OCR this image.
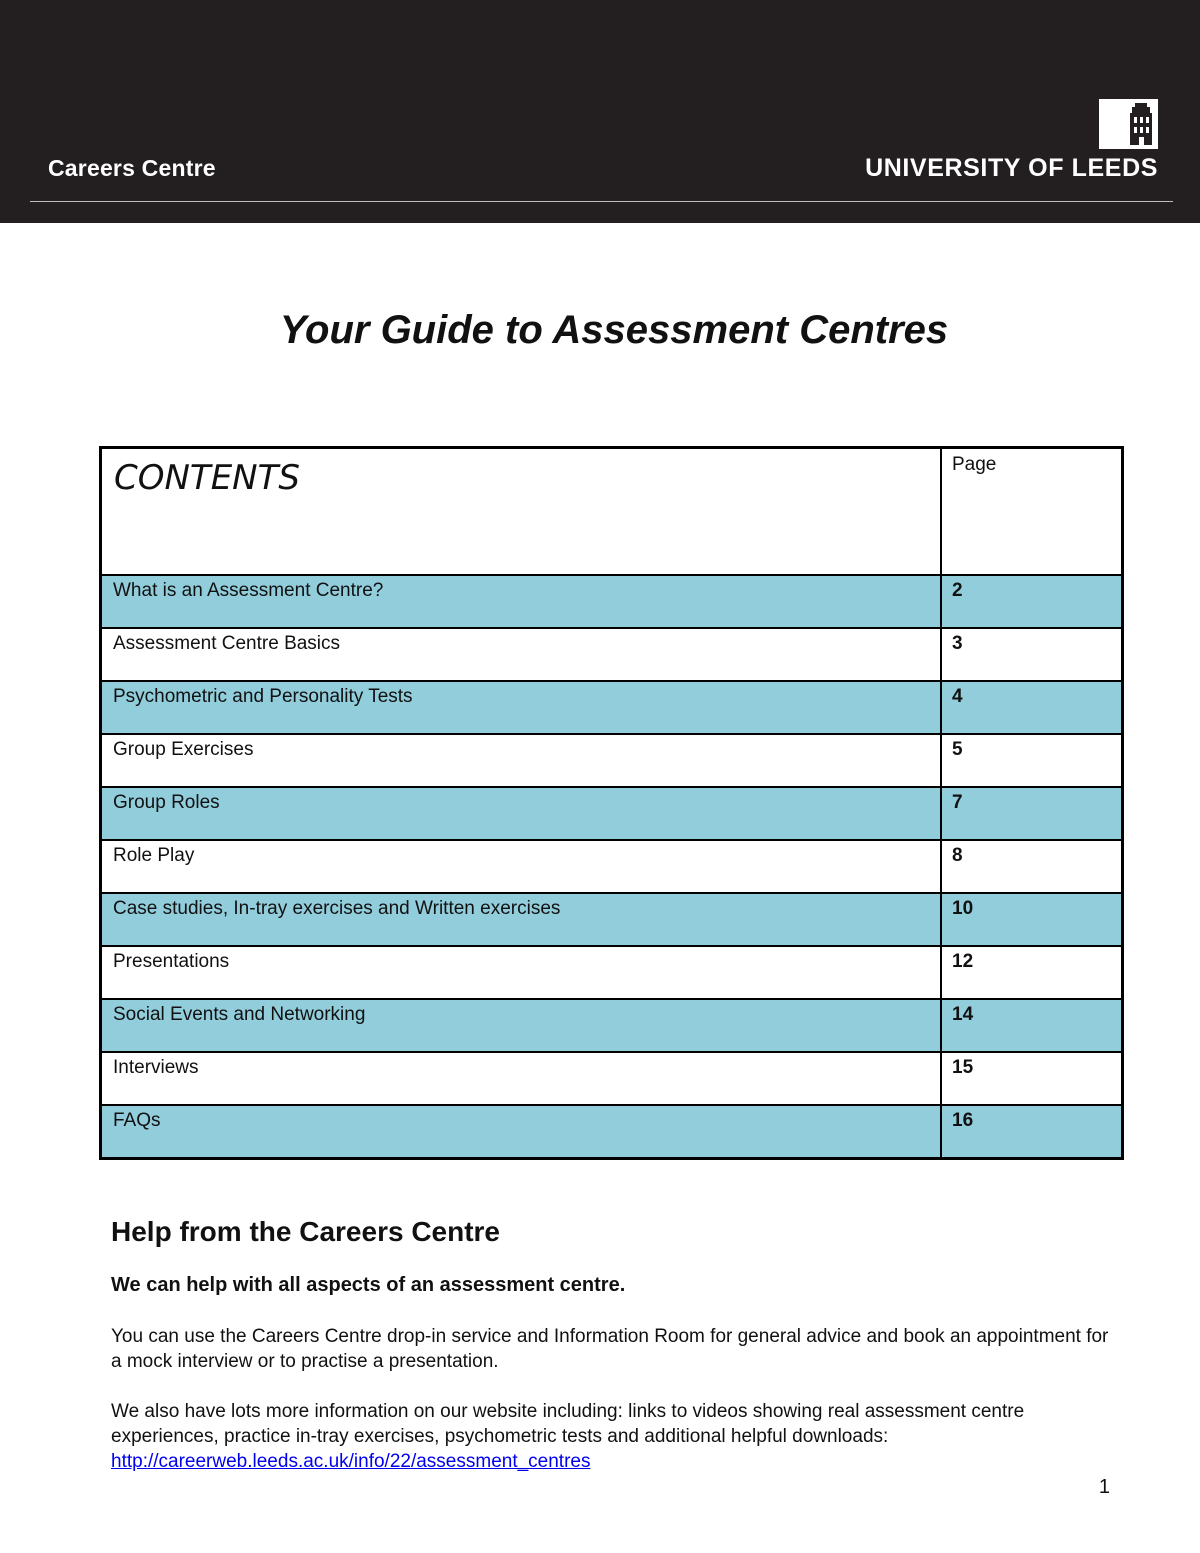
Careers Centre	UNIVERSITY OF LEEDS
Your Guide to Assessment Centres
CONTENTS	Page
What is an Assessment Centre?	2
Assessment Centre Basics	3
Psychometric and Personality Tests	4
Group Exercises	5
Group Roles	7
Role Play	8
Case studies, In-tray exercises and Written exercises	10
Presentations	12
Social Events and Networking	14
Interviews	15
FAQs	16
Help from the Careers Centre
We can help with all aspects of an assessment centre.
You can use the Careers Centre drop-in service and Information Room for general advice and book an appointment for a mock interview or to practise a presentation.
We also have lots more information on our website including: links to videos showing real assessment centre experiences, practice in-tray exercises, psychometric tests and additional helpful downloads:
http://careerweb.leeds.ac.uk/info/22/assessment_centres
1
